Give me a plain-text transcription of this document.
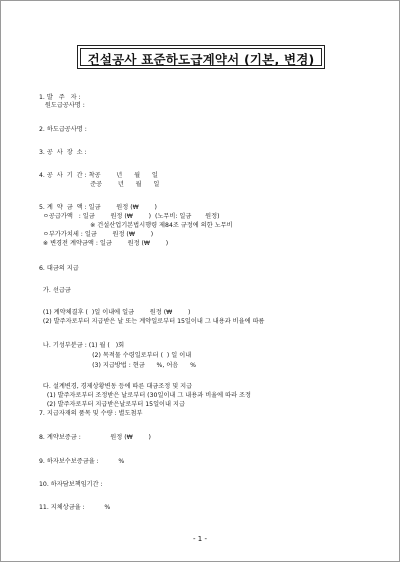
건설공사 표준하도급계약서 (기본, 변경)
1. 발   주   자 :
원도급공사명 :
2. 하도급공사명 :
3. 공  사  장  소 :
4. 공  사  기  간 : 착공        년      월      일
준공        년      월      일
5. 계  약  금  액 : 일금        원정 (₩        )
ㅇ공급가액   : 일금        원정 (₩        )  (노무비: 일금       원정)
※ 건설산업기본법시행령 제84조 규정에 의한 노무비
ㅇ부가가치세 : 일금        원정 (₩        )
※ 변경전 계약금액 : 일금        원정 (₩        )
6. 대금의 지급
가. 선급금
(1) 계약체결후 (  )일 이내에 일금        원정 (₩        )
(2) 발주자로부터 지급받은 날 또는 계약일로부터 15일이내 그 내용과 비율에 따름
나. 기성부분금 : (1) 월 (   )회
(2) 목적물 수령일로부터 (  ) 일 이내
(3) 지급방법 : 현금      %, 어음      %
다. 설계변경, 경제상황변동 등에 따른 대금조정 및 지급
(1) 발주자로부터 조정받은 날로부터 (30일이내 그 내용과 비율에 따라 조정
(2) 발주자로부터 지급받은날로부터 15일이내 지급
7. 지급자재의 품목 및 수량 : 별도첨부
8. 계약보증금 :               원정 (₩        )
9. 하자보수보증금율 :          %
10. 하자담보책임기간 :
11. 지체상금율 :          %
- 1 -
